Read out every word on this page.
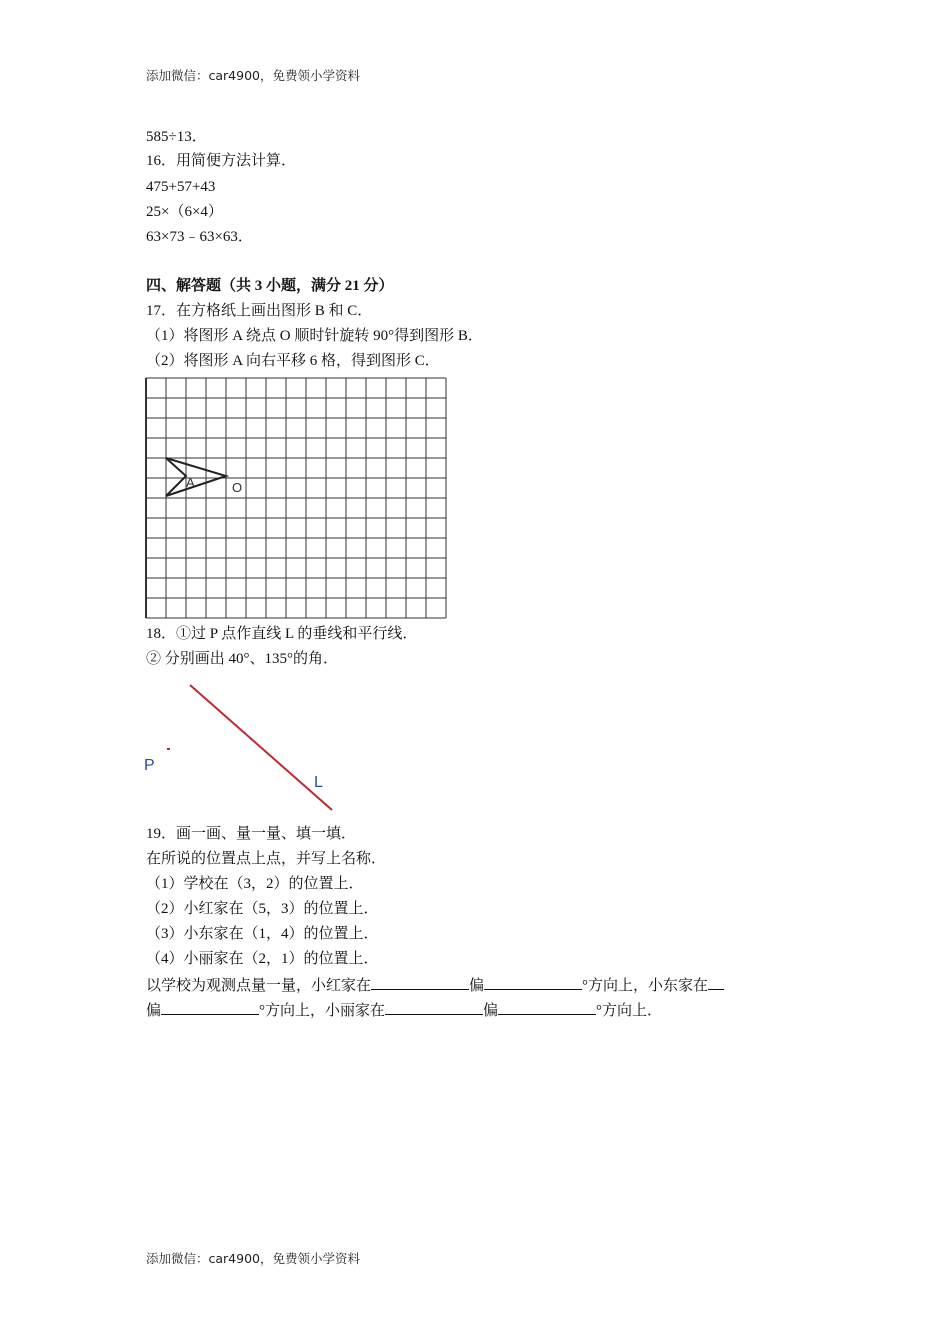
添加微信：car4900，免费领小学资料
585÷13．
16．用简便方法计算．
475+57+43
25×（6×4）
63×73﹣63×63．
四、解答题（共 3 小题，满分 21 分）
17．在方格纸上画出图形 B 和 C．
（1）将图形 A 绕点 O 顺时针旋转 90°得到图形 B．
（2）将图形 A 向右平移 6 格，得到图形 C．
A	O
18．①过 P 点作直线 L 的垂线和平行线．
② 分别画出 40°、135°的角．
P
L
19．画一画、量一量、填一填．
在所说的位置点上点，并写上名称．
（1）学校在（3，2）的位置上．
（2）小红家在（5，3）的位置上．
（3）小东家在（1，4）的位置上．
（4）小丽家在（2，1）的位置上．
以学校为观测点量一量，小红家在	偏	°方向上，小东家在
偏	°方向上，小丽家在	偏	°方向上．
添加微信：car4900，免费领小学资料
